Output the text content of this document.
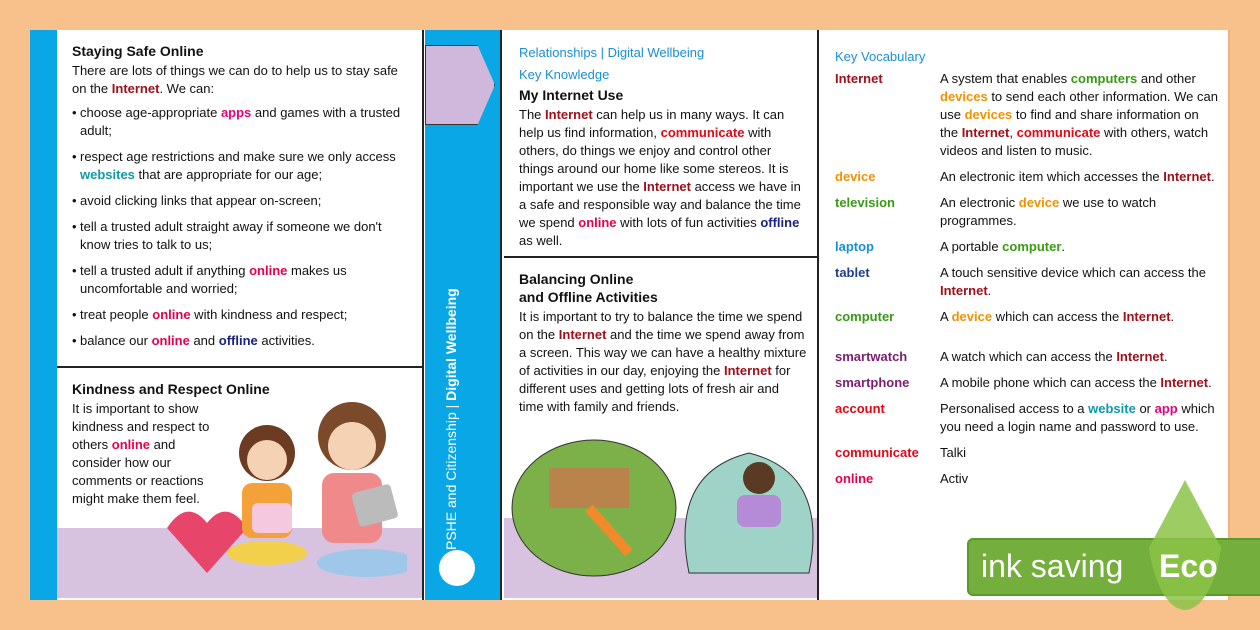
Staying Safe Online

There are lots of things we can do to help us to stay safe on the Internet. We can:

• choose age-appropriate apps and games with a trusted adult;
• respect age restrictions and make sure we only access websites that are appropriate for our age;
• avoid clicking links that appear on-screen;
• tell a trusted adult straight away if someone we don't know tries to talk to us;
• tell a trusted adult if anything online makes us uncomfortable and worried;
• treat people online with kindness and respect;
• balance our online and offline activities.
Kindness and Respect Online

It is important to show kindness and respect to others online and consider how our comments or reactions might make them feel.	PSHE and Citizenship | Digital Wellbeing
Relationships | Digital Wellbeing
Key Knowledge
My Internet Use

The Internet can help us in many ways. It can help us find information, communicate with others, do things we enjoy and control other things around our home like some stereos. It is important we use the Internet access we have in a safe and responsible way and balance the time we spend online with lots of fun activities offline as well.

Balancing Online
and Offline Activities

It is important to try to balance the time we spend on the Internet and the time we spend away from a screen. This way we can have a healthy mixture of activities in our day, enjoying the Internet for different uses and getting lots of fresh air and time with family and friends.

Key Vocabulary
Internet	A system that enables computers and other devices to send each other information. We can use devices to find and share information on the Internet, communicate with others, watch videos and listen to music.
device	An electronic item which accesses the Internet.
television	An electronic device we use to watch programmes.
laptop	A portable computer.
tablet	A touch sensitive device which can access the Internet.
computer	A device which can access the Internet.
smartwatch	A watch which can access the Internet.
smartphone	A mobile phone which can access the Internet.
account	Personalised access to a website or app which you need a login name and password to use.
communicate	Talki
online	Activ
ink saving Eco
